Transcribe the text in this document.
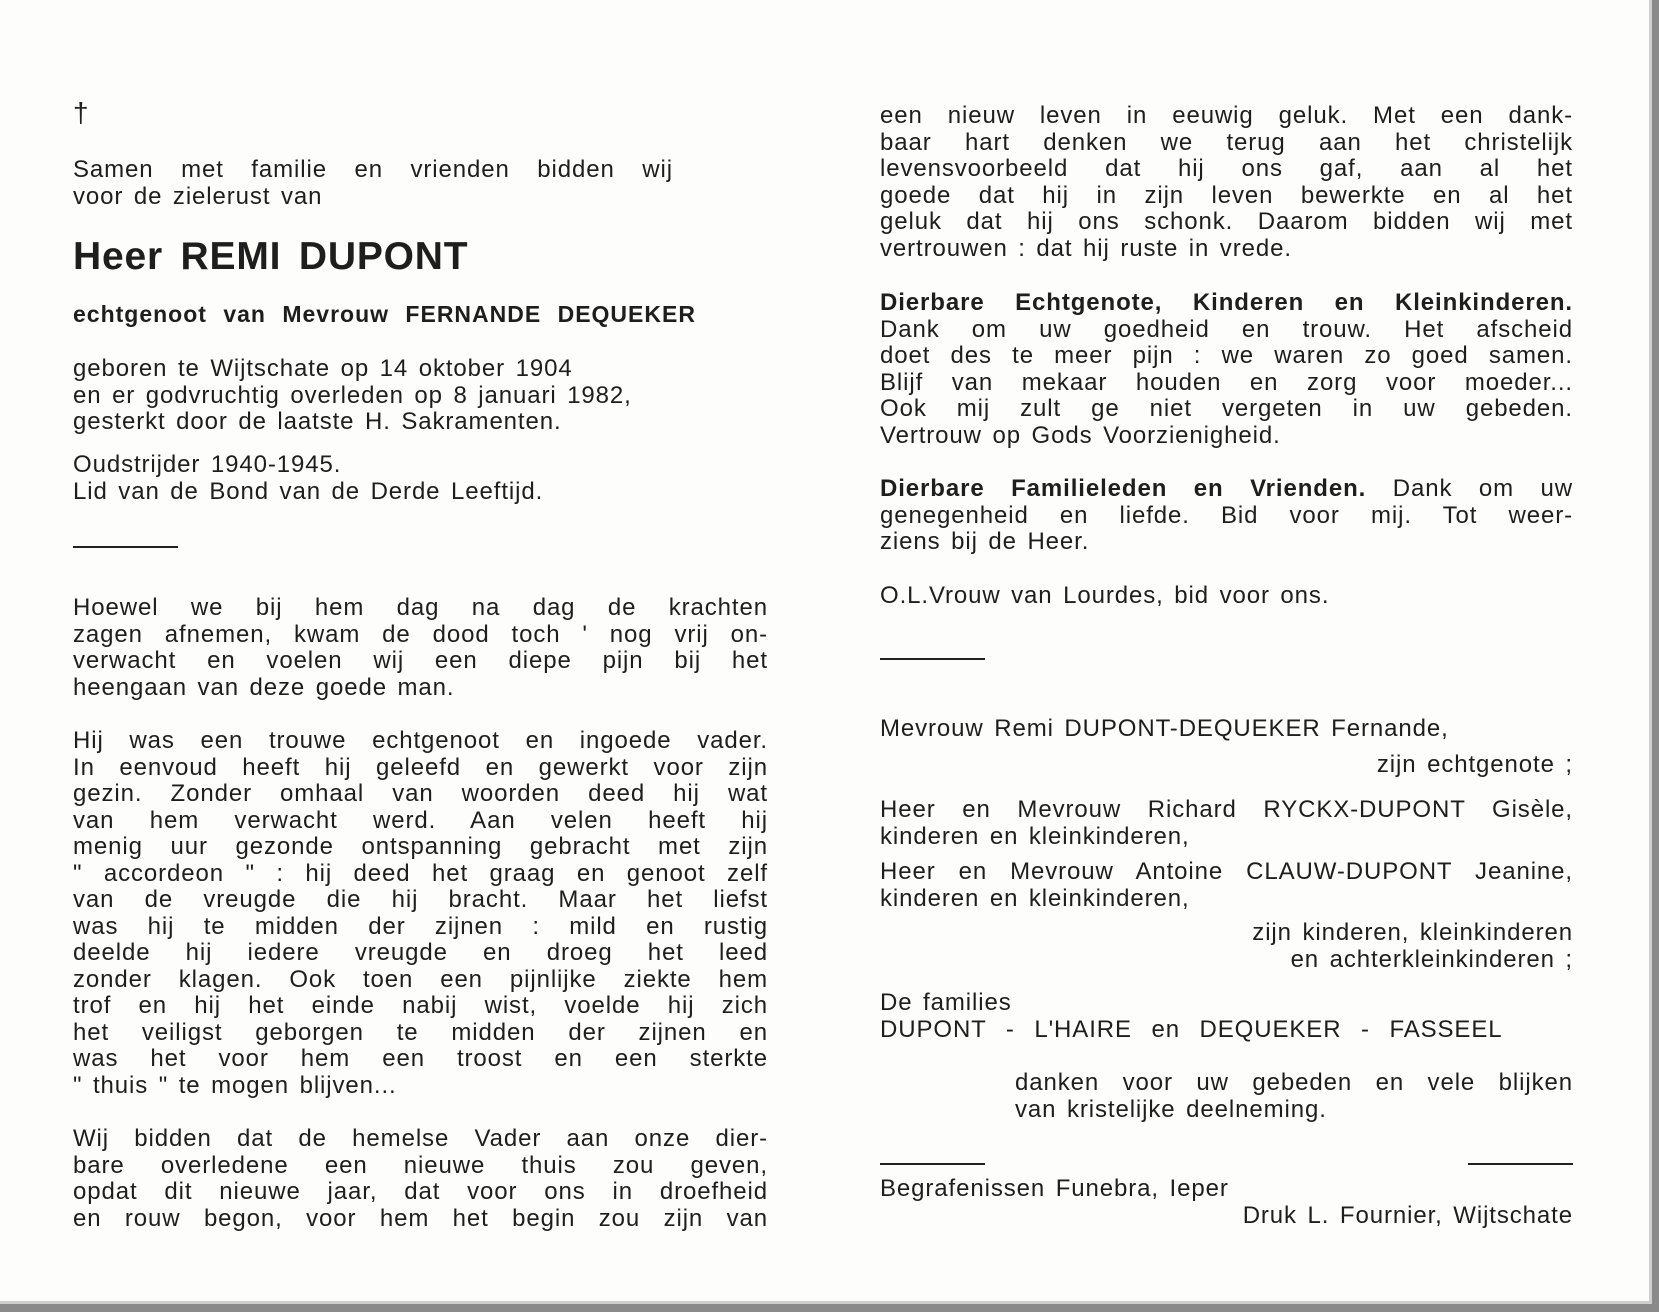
†
Samen met familie en vrienden bidden wij
voor de zielerust van
Heer REMI DUPONT
echtgenoot van Mevrouw FERNANDE DEQUEKER
geboren te Wijtschate op 14 oktober 1904
en er godvruchtig overleden op 8 januari 1982,
gesterkt door de laatste H. Sakramenten.
Oudstrijder 1940-1945.
Lid van de Bond van de Derde Leeftijd.
Hoewel we bij hem dag na dag de krachten
zagen afnemen, kwam de dood toch ' nog vrij on-
verwacht en voelen wij een diepe pijn bij het
heengaan van deze goede man.
Hij was een trouwe echtgenoot en ingoede vader.
In eenvoud heeft hij geleefd en gewerkt voor zijn
gezin. Zonder omhaal van woorden deed hij wat
van hem verwacht werd. Aan velen heeft hij
menig uur gezonde ontspanning gebracht met zijn
" accordeon " : hij deed het graag en genoot zelf
van de vreugde die hij bracht. Maar het liefst
was hij te midden der zijnen : mild en rustig
deelde hij iedere vreugde en droeg het leed
zonder klagen. Ook toen een pijnlijke ziekte hem
trof en hij het einde nabij wist, voelde hij zich
het veiligst geborgen te midden der zijnen en
was het voor hem een troost en een sterkte
" thuis " te mogen blijven...
Wij bidden dat de hemelse Vader aan onze dier-
bare overledene een nieuwe thuis zou geven,
opdat dit nieuwe jaar, dat voor ons in droefheid
en rouw begon, voor hem het begin zou zijn van
een nieuw leven in eeuwig geluk. Met een dank-
baar hart denken we terug aan het christelijk
levensvoorbeeld dat hij ons gaf, aan al het
goede dat hij in zijn leven bewerkte en al het
geluk dat hij ons schonk. Daarom bidden wij met
vertrouwen : dat hij ruste in vrede.
Dierbare Echtgenote, Kinderen en Kleinkinderen.
Dank om uw goedheid en trouw. Het afscheid
doet des te meer pijn : we waren zo goed samen.
Blijf van mekaar houden en zorg voor moeder...
Ook mij zult ge niet vergeten in uw gebeden.
Vertrouw op Gods Voorzienigheid.
Dierbare Familieleden en Vrienden. Dank om uw
genegenheid en liefde. Bid voor mij. Tot weer-
ziens bij de Heer.
O.L.Vrouw van Lourdes, bid voor ons.
Mevrouw Remi DUPONT-DEQUEKER Fernande,
zijn echtgenote ;
Heer en Mevrouw Richard RYCKX-DUPONT Gisèle,
kinderen en kleinkinderen,
Heer en Mevrouw Antoine CLAUW-DUPONT Jeanine,
kinderen en kleinkinderen,
zijn kinderen, kleinkinderen
en achterkleinkinderen ;
De families
DUPONT - L'HAIRE en DEQUEKER - FASSEEL
danken voor uw gebeden en vele blijken
van kristelijke deelneming.
Begrafenissen Funebra, Ieper
Druk L. Fournier, Wijtschate
